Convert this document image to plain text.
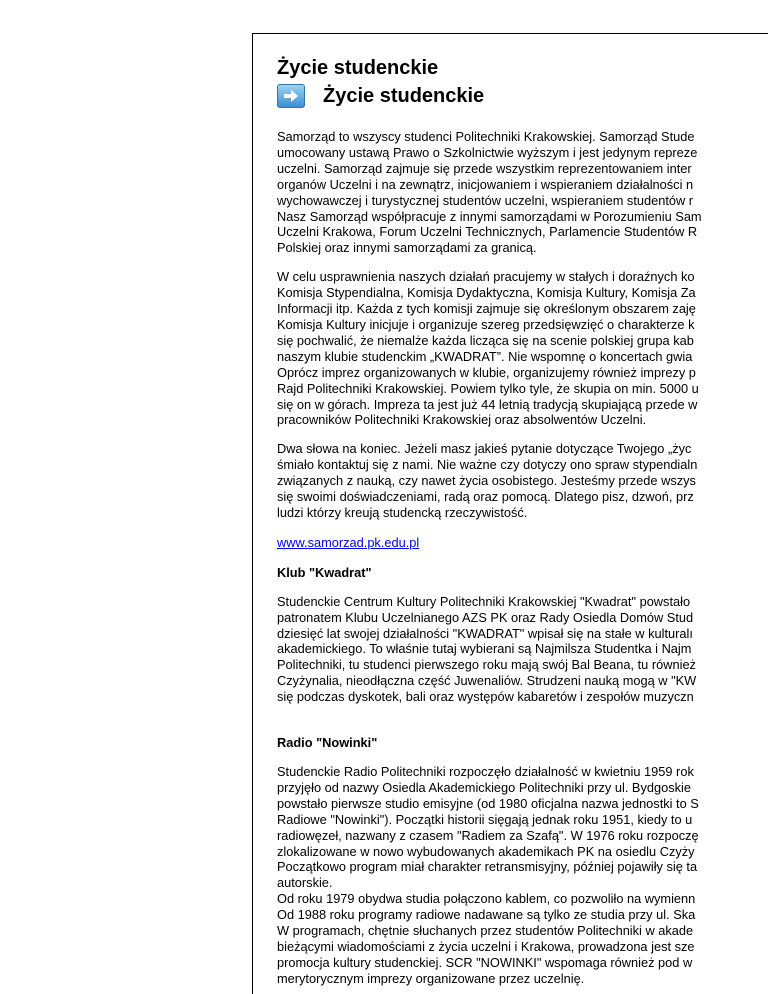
Życie studenckie
Życie studenckie
Samorząd to wszyscy studenci Politechniki Krakowskiej. Samorząd Stude
umocowany ustawą Prawo o Szkolnictwie wyższym i jest jedynym repreze
uczelni. Samorząd zajmuje się przede wszystkim reprezentowaniem inter
organów Uczelni i na zewnątrz, inicjowaniem i wspieraniem działalności n
wychowawczej i turystycznej studentów uczelni, wspieraniem studentów r
Nasz Samorząd współpracuje z innymi samorządami w Porozumieniu Sam
Uczelni Krakowa, Forum Uczelni Technicznych, Parlamencie Studentów R
Polskiej oraz innymi samorządami za granicą.
W celu usprawnienia naszych działań pracujemy w stałych i doraźnych ko
Komisja Stypendialna, Komisja Dydaktyczna, Komisja Kultury, Komisja Za
Informacji itp. Każda z tych komisji zajmuje się określonym obszarem zaję
Komisja Kultury inicjuje i organizuje szereg przedsięwzięć o charakterze k
się pochwalić, że niemalże każda licząca się na scenie polskiej grupa kab
naszym klubie studenckim „KWADRAT”. Nie wspomnę o koncertach gwia
Oprócz imprez organizowanych w klubie, organizujemy również imprezy p
Rajd Politechniki Krakowskiej. Powiem tylko tyle, że skupia on min. 5000 u
się on w górach. Impreza ta jest już 44 letnią tradycją skupiającą przede w
pracowników Politechniki Krakowskiej oraz absolwentów Uczelni.
Dwa słowa na koniec. Jeżeli masz jakieś pytanie dotyczące Twojego „życ
śmiało kontaktuj się z nami. Nie ważne czy dotyczy ono spraw stypendialn
związanych z nauką, czy nawet życia osobistego. Jesteśmy przede wszys
się swoimi doświadczeniami, radą oraz pomocą. Dlatego pisz, dzwoń, prz
ludzi którzy kreują studencką rzeczywistość.
www.samorzad.pk.edu.pl
Klub "Kwadrat"
Studenckie Centrum Kultury Politechniki Krakowskiej "Kwadrat" powstało
patronatem Klubu Uczelnianego AZS PK oraz Rady Osiedla Domów Stud
dziesięć lat swojej działalności "KWADRAT" wpisał się na stałe w kulturalı
akademickiego. To właśnie tutaj wybierani są Najmilsza Studentka i Najm
Politechniki, tu studenci pierwszego roku mają swój Bal Beana, tu również
Czyżynalia, nieodłączna część Juwenaliów. Strudzeni nauką mogą w "KW
się podczas dyskotek, bali oraz występów kabaretów i zespołów muzyczn
Radio "Nowinki"
Studenckie Radio Politechniki rozpoczęło działalność w kwietniu 1959 rok
przyjęło od nazwy Osiedla Akademickiego Politechniki przy ul. Bydgoskie
powstało pierwsze studio emisyjne (od 1980 oficjalna nazwa jednostki to S
Radiowe "Nowinki"). Początki historii sięgają jednak roku 1951, kiedy to u
radiowęzeł, nazwany z czasem "Radiem za Szafą". W 1976 roku rozpoczę
zlokalizowane w nowo wybudowanych akademikach PK na osiedlu Czyży
Początkowo program miał charakter retransmisyjny, później pojawiły się ta
autorskie.
Od roku 1979 obydwa studia połączono kablem, co pozwoliło na wymienn
Od 1988 roku programy radiowe nadawane są tylko ze studia przy ul. Ska
W programach, chętnie słuchanych przez studentów Politechniki w akade
bieżącymi wiadomościami z życia uczelni i Krakowa, prowadzona jest sze
promocja kultury studenckiej. SCR "NOWINKI" wspomaga również pod w
merytorycznym imprezy organizowane przez uczelnię.
